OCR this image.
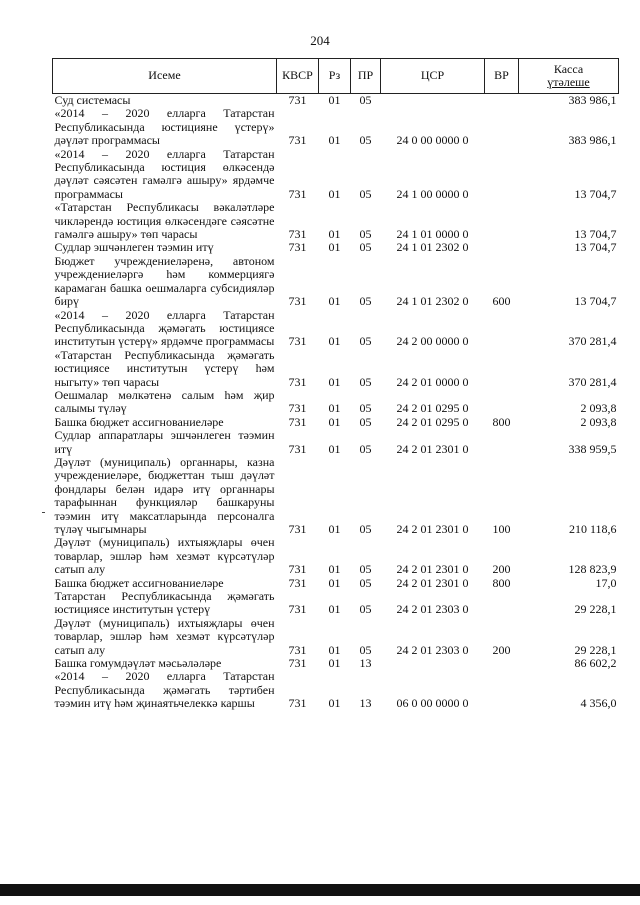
204
Исеме	КВСР	Рз	ПР	ЦСР	ВР	Касса
үтәлеше

Суд системасы	731	01	05			383 986,1
«2014 – 2020 елларга Татарстан Республикасында юстицияне үстерү» дәүләт программасы	731	01	05	24 0 00 0000 0		383 986,1
«2014 – 2020 елларга Татарстан Республикасында юстиция өлкәсендә дәүләт сәясәтен гамәлгә ашыру» ярдәмче программасы	731	01	05	24 1 00 0000 0		13 704,7
«Татарстан Республикасы вәкаләтләре чикләрендә юстиция өлкәсендәге сәясәтне гамәлгә ашыру» төп чарасы	731	01	05	24 1 01 0000 0		13 704,7
Судлар эшчәнлеген тәэмин итү	731	01	05	24 1 01 2302 0		13 704,7
Бюджет учреждениеләренә, автоном учреждениеләргә һәм коммерциягә карамаган башка оешмаларга субсидияләр бирү	731	01	05	24 1 01 2302 0	600	13 704,7
«2014 – 2020 елларга Татарстан Республикасында җәмәгать юстициясе институтын үстерү» ярдәмче программасы	731	01	05	24 2 00 0000 0		370 281,4
«Татарстан Республикасында җәмәгать юстициясе институтын үстерү һәм ныгыту» төп чарасы	731	01	05	24 2 01 0000 0		370 281,4
Оешмалар мөлкәтенә салым һәм җир салымы түләү	731	01	05	24 2 01 0295 0		2 093,8
Башка бюджет ассигнованиеләре	731	01	05	24 2 01 0295 0	800	2 093,8
Судлар аппаратлары эшчәнлеген тәэмин итү	731	01	05	24 2 01 2301 0		338 959,5
Дәүләт (муниципаль) органнары, казна учреждениеләре, бюджеттан тыш дәүләт фондлары белән идарә итү органнары тарафыннан функцияләр башкаруны тәэмин итү максатларында персоналга түләү чыгымнары	731	01	05	24 2 01 2301 0	100	210 118,6
Дәүләт (муниципаль) ихтыяҗлары өчен товарлар, эшләр һәм хезмәт күрсәтүләр сатып алу	731	01	05	24 2 01 2301 0	200	128 823,9
Башка бюджет ассигнованиеләре	731	01	05	24 2 01 2301 0	800	17,0
Татарстан Республикасында җәмәгать юстициясе институтын үстерү	731	01	05	24 2 01 2303 0		29 228,1
Дәүләт (муниципаль) ихтыяҗлары өчен товарлар, эшләр һәм хезмәт күрсәтүләр сатып алу	731	01	05	24 2 01 2303 0	200	29 228,1
Башка гомумдәүләт мәсьәләләре	731	01	13			86 602,2
«2014 – 2020 елларга Татарстан Республикасында җәмәгать тәртибен тәэмин итү һәм җинаятьчелеккә каршы	731	01	13	06 0 00 0000 0		4 356,0
